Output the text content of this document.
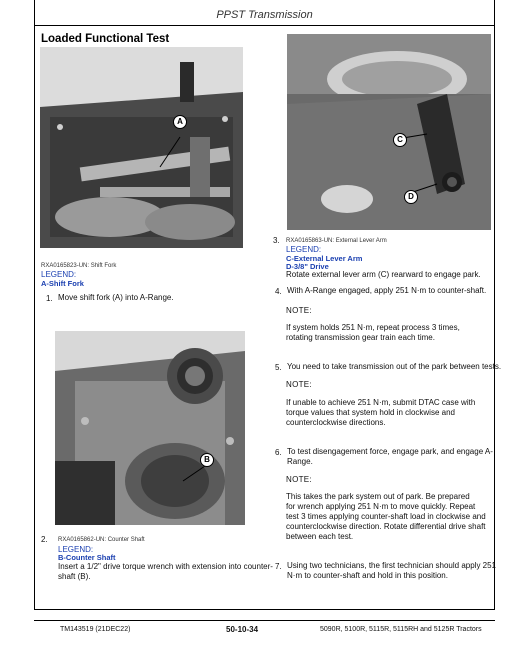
PPST Transmission
Loaded Functional Test
A
RXA0165823-UN: Shift Fork
LEGEND:
A-Shift Fork
1. Move shift fork (A) into A-Range.
B
2. RXA0165862-UN: Counter Shaft
LEGEND:
B-Counter Shaft
Insert a 1/2" drive torque wrench with extension into counter-
shaft (B).
C
D
3. RXA0165863-UN: External Lever Arm
LEGEND:
C-External Lever Arm
D-3/8" Drive
Rotate external lever arm (C) rearward to engage park.
4. With A-Range engaged, apply 251 N·m to counter-shaft.
NOTE:
If system holds 251 N·m, repeat process 3 times,
rotating transmission gear train each time.
5. You need to take transmission out of the park between tests.
NOTE:
If unable to achieve 251 N·m, submit DTAC case with
torque values that system hold in clockwise and
counterclockwise directions.
6. To test disengagement force, engage park, and engage A-
Range.
NOTE:
This takes the park system out of park. Be prepared
for wrench applying 251 N·m to move quickly. Repeat
test 3 times applying counter-shaft load in clockwise and
counterclockwise direction. Rotate differential drive shaft
between each test.
7. Using two technicians, the first technician should apply 251
N·m to counter-shaft and hold in this position.
TM143519 (21DEC22)	50-10-34	5090R, 5100R, 5115R, 5115RH and 5125R Tractors
